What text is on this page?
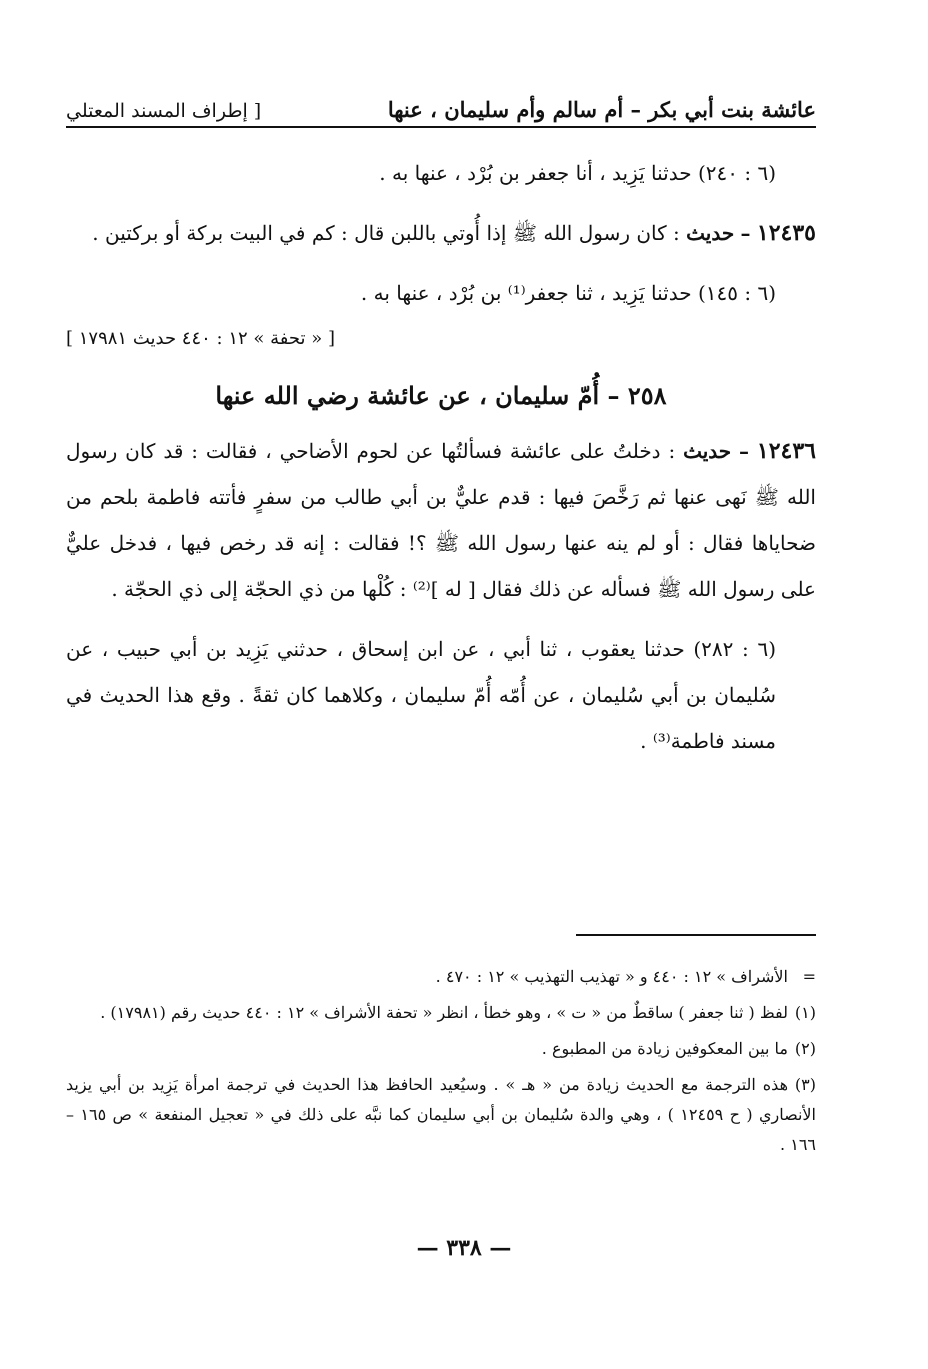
عائشة بنت أبي بكر – أم سالم وأم سليمان ، عنها
[ إطراف المسند المعتلي

(٦ : ٢٤٠) حدثنا يَزِيد ، أنا جعفر بن بُرْد ، عنها به .

١٢٤٣٥ – حديث : كان رسول الله ﷺ إذا أُوتي باللبن قال : كم في البيت بركة أو بركتين .

(٦ : ١٤٥) حدثنا يَزِيد ، ثنا جعفر⁽¹⁾ بن بُرْد ، عنها به .

[ « تحفة » ١٢ : ٤٤٠ حديث ١٧٩٨١ ]
٢٥٨ – أُمّ سليمان ، عن عائشة رضي الله عنها

١٢٤٣٦ – حديث : دخلتُ على عائشة فسألتُها عن لحوم الأضاحي ، فقالت : قد كان رسول الله ﷺ نَهى عنها ثم رَخَّصَ فيها : قدم عليٌّ بن أبي طالب من سفرٍ فأتته فاطمة بلحم من ضحاياها فقال : أو لم ينه عنها رسول الله ﷺ ؟! فقالت : إنه قد رخص فيها ، فدخل عليٌّ على رسول الله ﷺ فسأله عن ذلك فقال [ له ]⁽²⁾ : كُلْها من ذي الحجّة إلى ذي الحجّة .

(٦ : ٢٨٢) حدثنا يعقوب ، ثنا أبي ، عن ابن إسحاق ، حدثني يَزِيد بن أبي حبيب ، عن سُليمان بن أبي سُليمان ، عن أُمّه أُمّ سليمان ، وكلاهما كان ثقةً . وقع هذا الحديث في مسند فاطمة⁽³⁾ .

=الأشراف » ١٢ : ٤٤٠ و « تهذيب التهذيب » ١٢ : ٤٧٠ .

(١)لفظ ( ثنا جعفر ) ساقطٌ من « ت » ، وهو خطأ ، انظر « تحفة الأشراف » ١٢ : ٤٤٠ حديث رقم (١٧٩٨١) .

(٢)ما بين المعكوفين زيادة من المطبوع .

(٣)هذه الترجمة مع الحديث زيادة من « هـ » . وسيُعيد الحافظ هذا الحديث في ترجمة امرأة يَزِيد بن أبي يزيد الأنصاري ( ح ١٢٤٥٩ ) ، وهي والدة سُليمان بن أبي سليمان كما نبَّه على ذلك في « تعجيل المنفعة » ص ١٦٥ – ١٦٦ .

— ٣٣٨ —
